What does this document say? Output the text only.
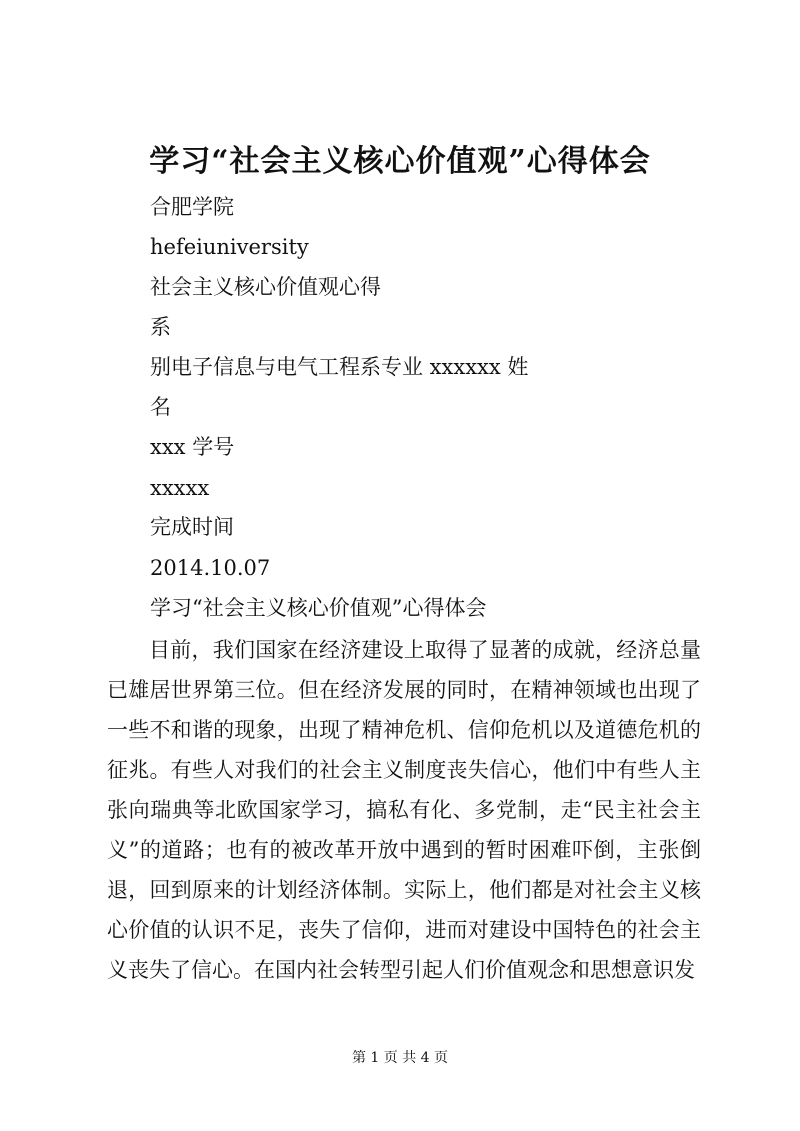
学习“社会主义核心价值观”心得体会
合肥学院
hefeiuniversity
社会主义核心价值观心得
系
别电子信息与电气工程系专业 xxxxxx 姓
名
xxx 学号
xxxxx
完成时间
2014.10.07
学习“社会主义核心价值观”心得体会

目前，我们国家在经济建设上取得了显著的成就，经济总量已雄居世界第三位。但在经济发展的同时，在精神领域也出现了一些不和谐的现象，出现了精神危机、信仰危机以及道德危机的征兆。有些人对我们的社会主义制度丧失信心，他们中有些人主张向瑞典等北欧国家学习，搞私有化、多党制，走“民主社会主义”的道路；也有的被改革开放中遇到的暂时困难吓倒，主张倒退，回到原来的计划经济体制。实际上，他们都是对社会主义核心价值的认识不足，丧失了信仰，进而对建设中国特色的社会主义丧失了信心。在国内社会转型引起人们价值观念和思想意识发

第 1 页 共 4 页
